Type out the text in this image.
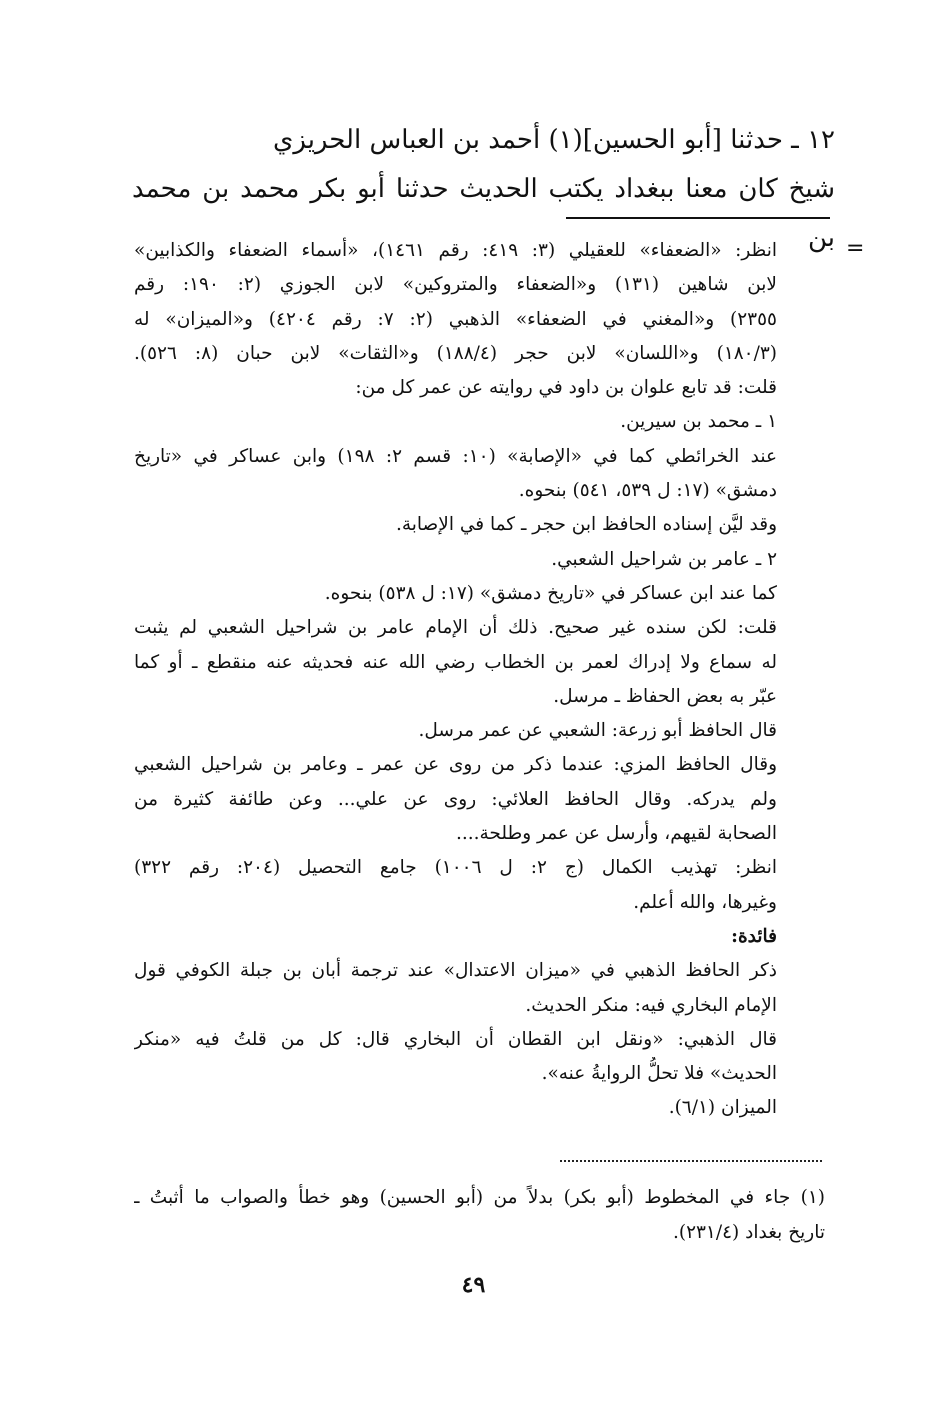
١٢ ـ حدثنا [أبو الحسين](١) أحمد بن العباس الحريزي
شيخ كان معنا ببغداد يكتب الحديث حدثنا أبو بكر محمد بن محمد بن =
انظر: «الضعفاء» للعقيلي (٣: ٤١٩: رقم ١٤٦١)، «أسماء الضعفاء والكذابين»
لابن شاهين (١٣١) و«الضعفاء والمتروكين» لابن الجوزي (٢: ١٩٠: رقم
٢٣٥٥) و«المغني في الضعفاء» الذهبي (٢: ٧: رقم ٤٢٠٤) و«الميزان» له
(١٨٠/٣) و«اللسان» لابن حجر (١٨٨/٤) و«الثقات» لابن حبان (٨: ٥٢٦).
قلت: قد تابع علوان بن داود في روايته عن عمر كل من:
١ ـ محمد بن سيرين.
عند الخرائطي كما في «الإصابة» (١٠: قسم ٢: ١٩٨) وابن عساكر في «تاريخ
دمشق» (١٧: ل ٥٣٩، ٥٤١) بنحوه.
وقد ليَّن إسناده الحافظ ابن حجر ـ كما في الإصابة.
٢ ـ عامر بن شراحيل الشعبي.
كما عند ابن عساكر في «تاريخ دمشق» (١٧: ل ٥٣٨) بنحوه.
قلت: لكن سنده غير صحيح. ذلك أن الإمام عامر بن شراحيل الشعبي لم يثبت
له سماع ولا إدراك لعمر بن الخطاب رضي الله عنه فحديثه عنه منقطع ـ أو كما
عبّر به بعض الحفاظ ـ مرسل.
قال الحافظ أبو زرعة: الشعبي عن عمر مرسل.
وقال الحافظ المزي: عندما ذكر من روى عن عمر ـ وعامر بن شراحيل الشعبي
ولم يدركه. وقال الحافظ العلائي: روى عن علي... وعن طائفة كثيرة من
الصحابة لقيهم، وأرسل عن عمر وطلحة....
انظر: تهذيب الكمال (ج ٢: ل ١٠٠٦) جامع التحصيل (٢٠٤: رقم ٣٢٢)
وغيرها، والله أعلم.
فائدة:
ذكر الحافظ الذهبي في «ميزان الاعتدال» عند ترجمة أبان بن جبلة الكوفي قول
الإمام البخاري فيه: منكر الحديث.
قال الذهبي: «ونقل ابن القطان أن البخاري قال: كل من قلتُ فيه «منكر
الحديث» فلا تحلُّ الروايةُ عنه».
الميزان (٦/١).
(١) جاء في المخطوط (أبو بكر) بدلاً من (أبو الحسين) وهو خطأ والصواب ما أثبتُ ـ
تاريخ بغداد (٢٣١/٤).
٤٩
